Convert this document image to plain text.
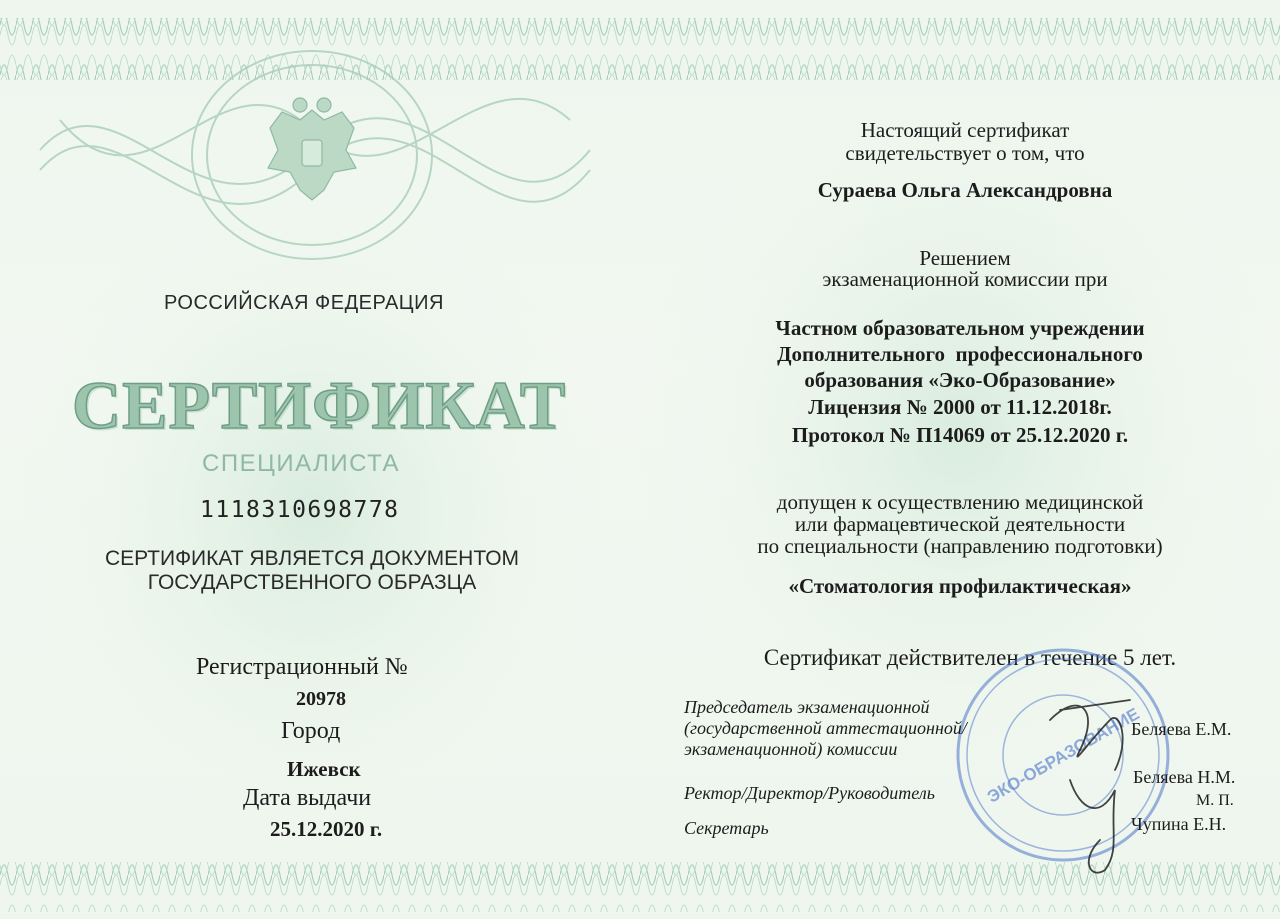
РОССИЙСКАЯ ФЕДЕРАЦИЯ

СЕРТИФИКАТ

СПЕЦИАЛИСТА

1118310698778

СЕРТИФИКАТ ЯВЛЯЕТСЯ ДОКУМЕНТОМ

ГОСУДАРСТВЕННОГО ОБРАЗЦА

Регистрационный №

20978

Город

Ижевск

Дата выдачи

25.12.2020 г.

Настоящий сертификат

свидетельствует о том, что

Сураева Ольга Александровна

Решением

экзаменационной комиссии при

Частном образовательном учреждении

Дополнительного  профессионального

образования «Эко-Образование»

Лицензия № 2000 от 11.12.2018г.

Протокол № П14069 от 25.12.2020 г.

допущен к осуществлению медицинской

или фармацевтической деятельности

по специальности (направлению подготовки)

«Стоматология профилактическая»

Сертификат действителен в течение 5 лет.

ЭКО-ОБРАЗОВАНИЕ

Председатель экзаменационной

(государственной аттестационной/

экзаменационной) комиссии

Беляева Е.М.

Ректор/Директор/Руководитель

Беляева Н.М.

М. П.

Секретарь	Чупина Е.Н.
